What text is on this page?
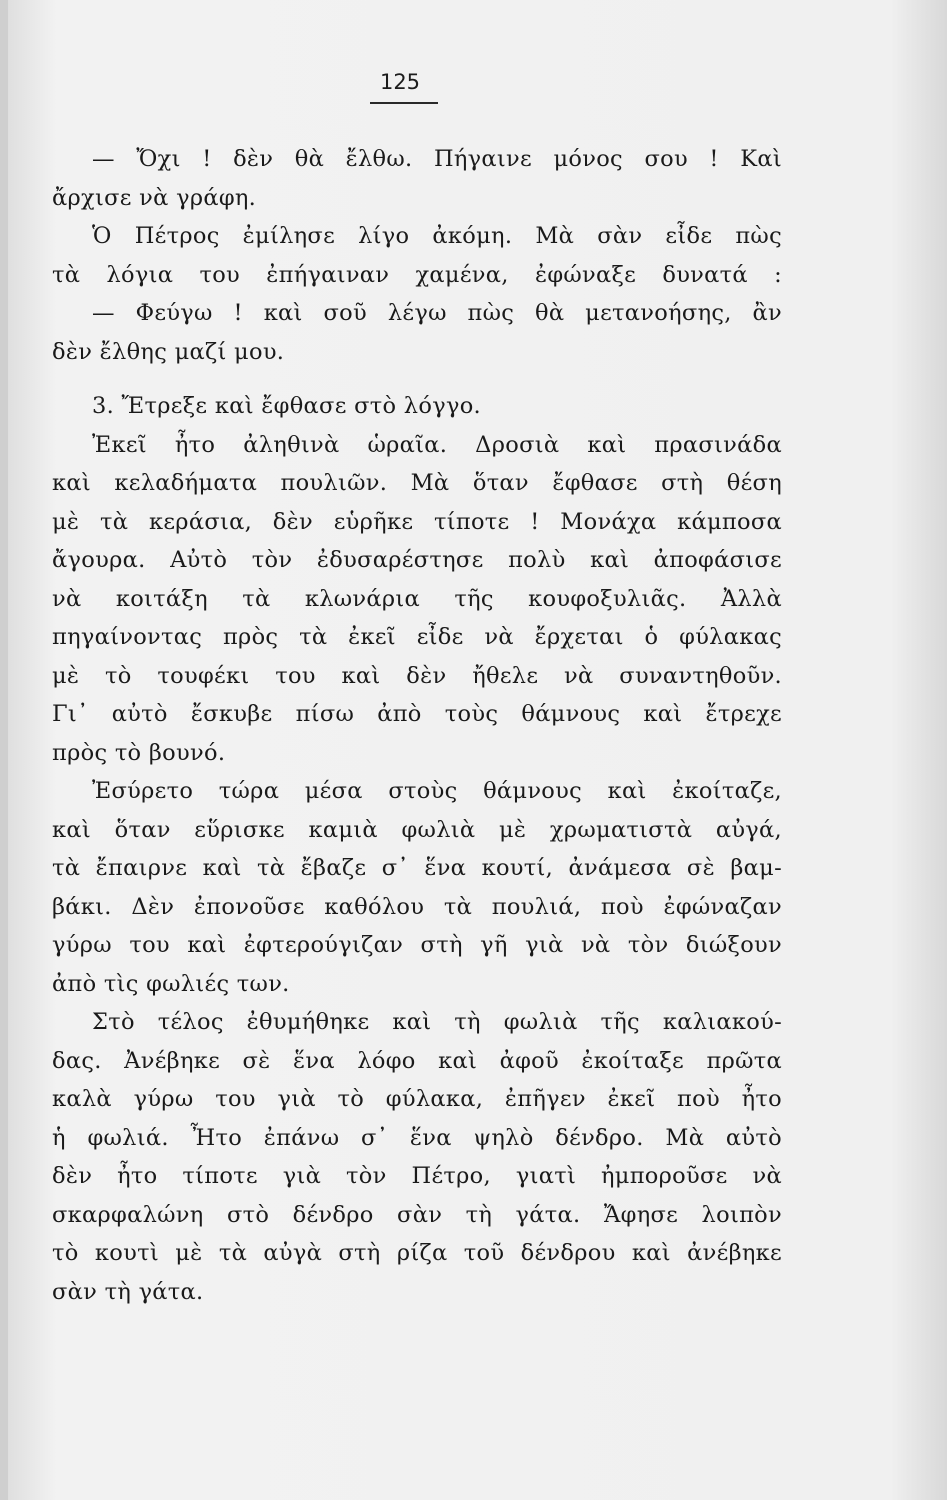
125
— Ὄχι ! δὲν θὰ ἔλθω. Πήγαινε μόνος σου ! Καὶ
ἄρχισε νὰ γράφη.
Ὁ Πέτρος ἐμίλησε λίγο ἀκόμη. Μὰ σὰν εἶδε πὼς
τὰ λόγια του ἐπήγαιναν χαμένα, ἐφώναξε δυνατά :
— Φεύγω ! καὶ σοῦ λέγω πὼς θὰ μετανοήσης, ἂν
δὲν ἔλθης μαζί μου.
3. Ἔτρεξε καὶ ἔφθασε στὸ λόγγο.
Ἐκεῖ ἦτο ἀληθινὰ ὡραῖα. Δροσιὰ καὶ πρασινάδα
καὶ κελαδήματα πουλιῶν. Μὰ ὅταν ἔφθασε στὴ θέση
μὲ τὰ κεράσια, δὲν εὑρῆκε τίποτε ! Μονάχα κάμποσα
ἄγουρα. Αὐτὸ τὸν ἐδυσαρέστησε πολὺ καὶ ἀποφάσισε
νὰ κοιτάξη τὰ κλωνάρια τῆς κουφοξυλιᾶς. Ἀλλὰ
πηγαίνοντας πρὸς τὰ ἐκεῖ εἶδε νὰ ἔρχεται ὁ φύλακας
μὲ τὸ τουφέκι του καὶ δὲν ἤθελε νὰ συναντηθοῦν.
Γι᾽ αὐτὸ ἔσκυβε πίσω ἀπὸ τοὺς θάμνους καὶ ἔτρεχε
πρὸς τὸ βουνό.
Ἐσύρετο τώρα μέσα στοὺς θάμνους καὶ ἐκοίταζε,
καὶ ὅταν εὕρισκε καμιὰ φωλιὰ μὲ χρωματιστὰ αὐγά,
τὰ ἔπαιρνε καὶ τὰ ἔβαζε σ᾽ ἕνα κουτί, ἀνάμεσα σὲ βαμ-
βάκι. Δὲν ἐπονοῦσε καθόλου τὰ πουλιά, ποὺ ἐφώναζαν
γύρω του καὶ ἐφτερούγιζαν στὴ γῆ γιὰ νὰ τὸν διώξουν
ἀπὸ τὶς φωλιές των.
Στὸ τέλος ἐθυμήθηκε καὶ τὴ φωλιὰ τῆς καλιακού-
δας. Ἀνέβηκε σὲ ἕνα λόφο καὶ ἀφοῦ ἐκοίταξε πρῶτα
καλὰ γύρω του γιὰ τὸ φύλακα, ἐπῆγεν ἐκεῖ ποὺ ἦτο
ἡ φωλιά. Ἦτο ἐπάνω σ᾽ ἕνα ψηλὸ δένδρο. Μὰ αὐτὸ
δὲν ἦτο τίποτε γιὰ τὸν Πέτρο, γιατὶ ἠμποροῦσε νὰ
σκαρφαλώνη στὸ δένδρο σὰν τὴ γάτα. Ἄφησε λοιπὸν
τὸ κουτὶ μὲ τὰ αὐγὰ στὴ ρίζα τοῦ δένδρου καὶ ἀνέβηκε
σὰν τὴ γάτα.
